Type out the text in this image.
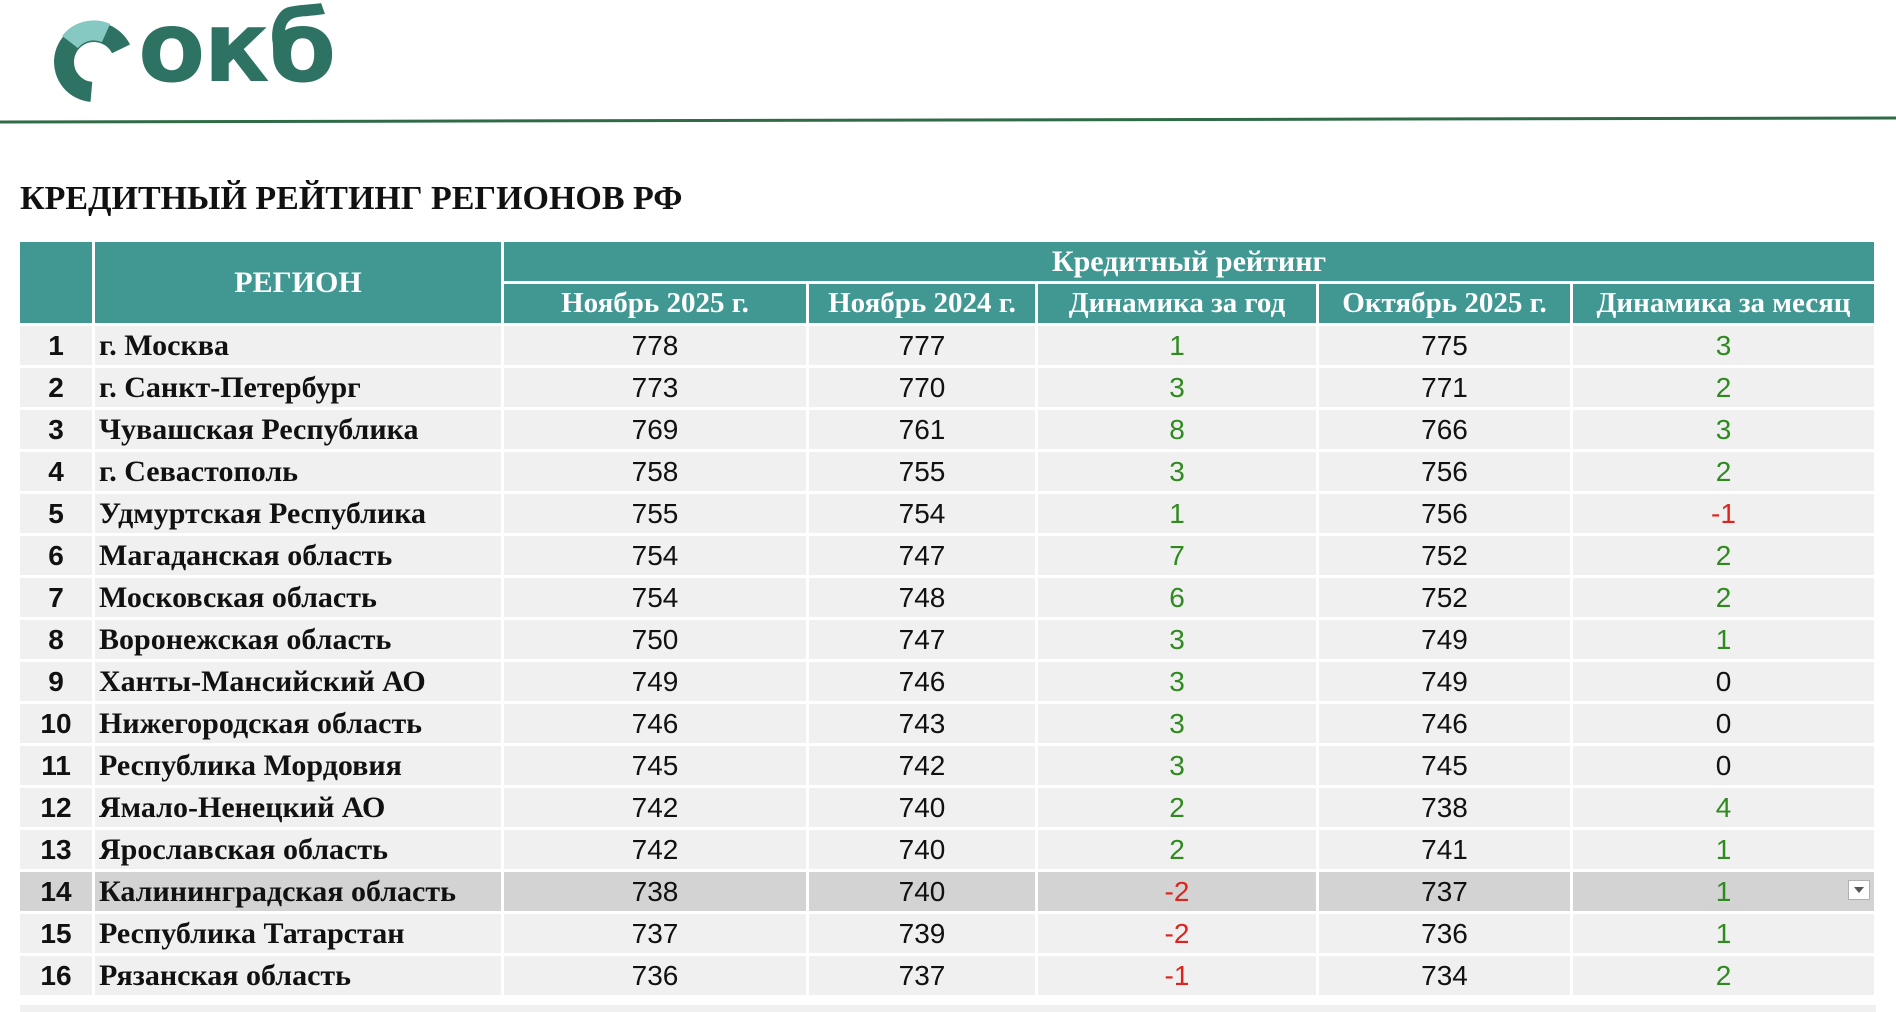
окб
КРЕДИТНЫЙ РЕЙТИНГ РЕГИОНОВ РФ
	РЕГИОН	Кредитный рейтинг				
		Ноябрь 2025 г.	Ноябрь 2024 г.	Динамика за год	Октябрь 2025 г.	Динамика за месяц
1	г. Москва	778	777	1	775	3
2	г. Санкт-Петербург	773	770	3	771	2
3	Чувашская Республика	769	761	8	766	3
4	г. Севастополь	758	755	3	756	2
5	Удмуртская Республика	755	754	1	756	-1
6	Магаданская область	754	747	7	752	2
7	Московская область	754	748	6	752	2
8	Воронежская область	750	747	3	749	1
9	Ханты-Мансийский АО	749	746	3	749	0
10	Нижегородская область	746	743	3	746	0
11	Республика Мордовия	745	742	3	745	0
12	Ямало-Ненецкий АО	742	740	2	738	4
13	Ярославская область	742	740	2	741	1
14	Калининградская область	738	740	-2	737	1

15	Республика Татарстан	737	739	-2	736	1
16	Рязанская область	736	737	-1	734	2
